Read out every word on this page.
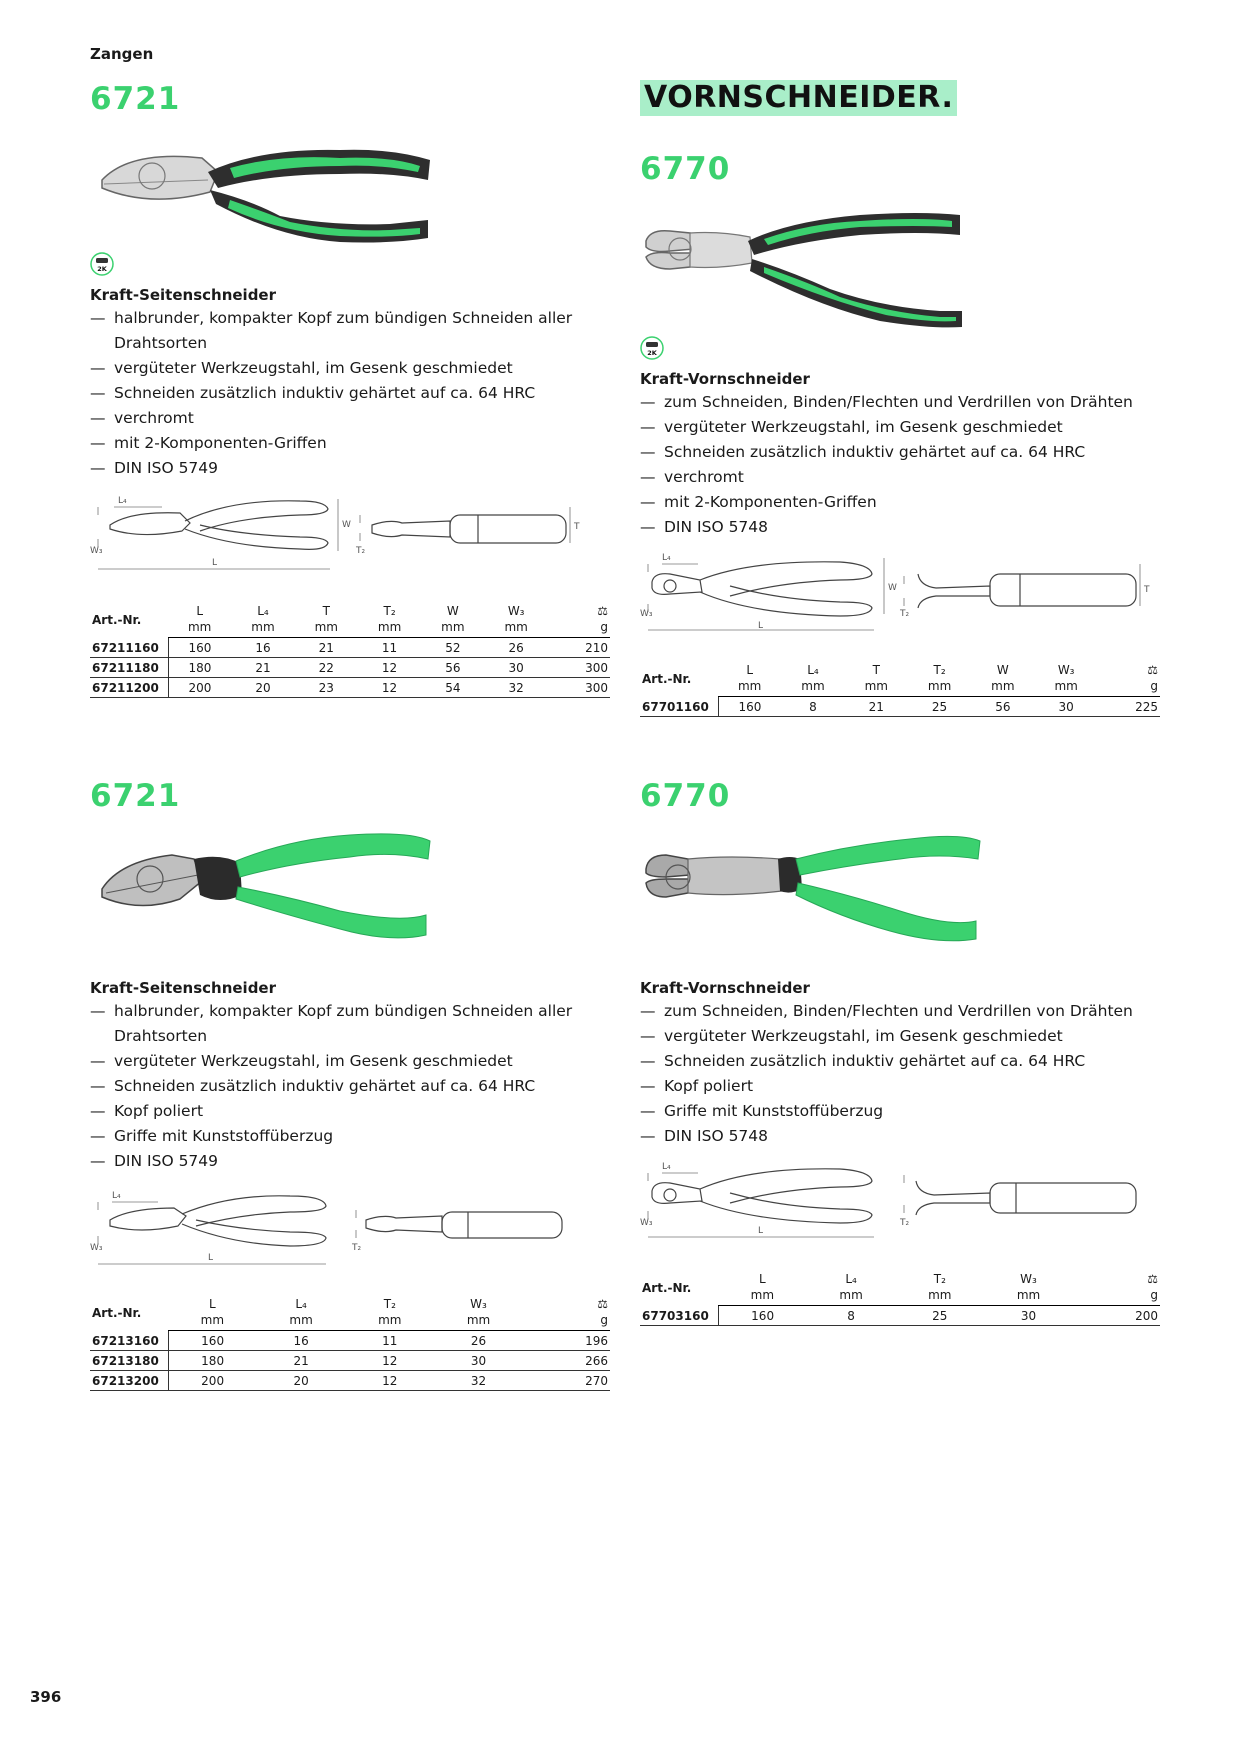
Zangen
VORNSCHNEIDER.
6721
2K
Kraft-Seitenschneider
— halbrunder, kompakter Kopf zum bündigen Schneiden aller Drahtsorten
— vergüteter Werkzeugstahl, im Gesenk geschmiedet
— Schneiden zusätzlich induktiv gehärtet auf ca. 64 HRC
— verchromt
— mit 2-Komponenten-Griffen
— DIN ISO 5749
L₄
W
W₃
L
T
T₂
Art.-Nr.	L	L₄	T	T₂	W	W₃	⚖
	mm	mm	mm	mm	mm	mm	g
67211160	160	16	21	11	52	26	210
67211180	180	21	22	12	56	30	300
67211200	200	20	23	12	54	32	300
6770
2K
Kraft-Vornschneider
— zum Schneiden, Binden/Flechten und Verdrillen von Drähten
— vergüteter Werkzeugstahl, im Gesenk geschmiedet
— Schneiden zusätzlich induktiv gehärtet auf ca. 64 HRC
— verchromt
— mit 2-Komponenten-Griffen
— DIN ISO 5748
L₄
W
W₃
L
T
T₂
Art.-Nr.	L	L₄	T	T₂	W	W₃	⚖
	mm	mm	mm	mm	mm	mm	g
67701160	160	8	21	25	56	30	225
6721
Kraft-Seitenschneider
— halbrunder, kompakter Kopf zum bündigen Schneiden aller Drahtsorten
— vergüteter Werkzeugstahl, im Gesenk geschmiedet
— Schneiden zusätzlich induktiv gehärtet auf ca. 64 HRC
— Kopf poliert
— Griffe mit Kunststoffüberzug
— DIN ISO 5749
L₄
W₃
L
T₂
Art.-Nr.	L	L₄	T₂	W₃	⚖
	mm	mm	mm	mm	g
67213160	160	16	11	26	196
67213180	180	21	12	30	266
67213200	200	20	12	32	270
6770
Kraft-Vornschneider
— zum Schneiden, Binden/Flechten und Verdrillen von Drähten
— vergüteter Werkzeugstahl, im Gesenk geschmiedet
— Schneiden zusätzlich induktiv gehärtet auf ca. 64 HRC
— Kopf poliert
— Griffe mit Kunststoffüberzug
— DIN ISO 5748
L₄
W₃
L
T₂
Art.-Nr.	L	L₄	T₂	W₃	⚖
	mm	mm	mm	mm	g
67703160	160	8	25	30	200
396
